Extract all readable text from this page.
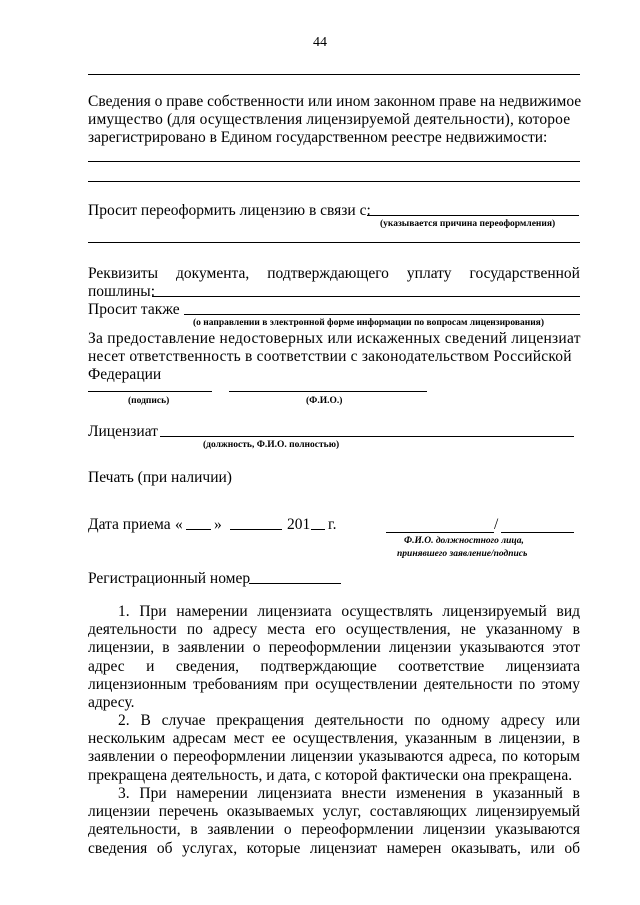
44
Сведения о праве собственности или ином законном праве на недвижимое
имущество (для осуществления лицензируемой деятельности), которое
зарегистрировано в Едином государственном реестре недвижимости:
Просит переоформить лицензию в связи с:
(указывается причина переоформления)
Реквизиты документа, подтверждающего уплату государственной
пошлины:
Просит также
(о направлении в электронной форме информации по вопросам лицензирования)
За предоставление недостоверных или искаженных сведений лицензиат
несет ответственность в соответствии с законодательством Российской
Федерации
(подпись)	(Ф.И.О.)
Лицензиат
(должность, Ф.И.О. полностью)
Печать (при наличии)
Дата приема « »	201 г.	/
Ф.И.О. должностного лица,
принявшего заявление/подпись
Регистрационный номер
1. При намерении лицензиата осуществлять лицензируемый вид
деятельности по адресу места его осуществления, не указанному в
лицензии, в заявлении о переоформлении лицензии указываются этот
адрес и сведения, подтверждающие соответствие лицензиата
лицензионным требованиям при осуществлении деятельности по этому
адресу.
2. В случае прекращения деятельности по одному адресу или
нескольким адресам мест ее осуществления, указанным в лицензии, в
заявлении о переоформлении лицензии указываются адреса, по которым
прекращена деятельность, и дата, с которой фактически она прекращена.
3. При намерении лицензиата внести изменения в указанный в
лицензии перечень оказываемых услуг, составляющих лицензируемый
деятельности, в заявлении о переоформлении лицензии указываются
сведения об услугах, которые лицензиат намерен оказывать, или об
